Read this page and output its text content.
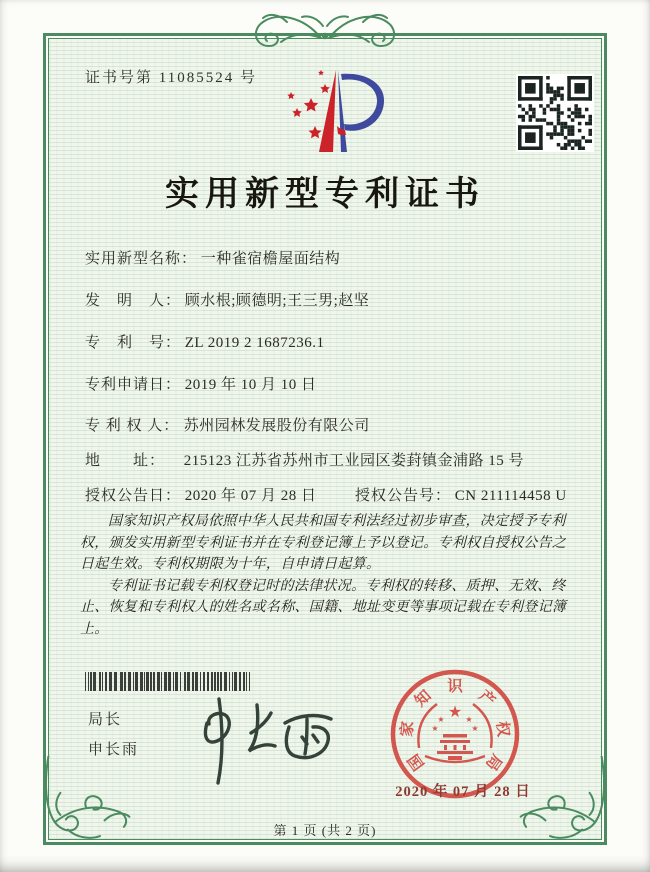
证书号第 11085524 号
实用新型专利证书
实用新型名称： 一种雀宿檐屋面结构
发　明　人： 顾水根;顾德明;王三男;赵坚
专　利　号： ZL 2019 2 1687236.1
专利申请日： 2019 年 10 月 10 日
专 利 权 人： 苏州园林发展股份有限公司
地　　址： 215123 江苏省苏州市工业园区娄葑镇金浦路 15 号
授权公告日： 2020 年 07 月 28 日	授权公告号： CN 211114458 U

国家知识产权局依照中华人民共和国专利法经过初步审查，决定授予专利权，颁发实用新型专利证书并在专利登记簿上予以登记。专利权自授权公告之日起生效。专利权期限为十年，自申请日起算。

专利证书记载专利权登记时的法律状况。专利权的转移、质押、无效、终止、恢复和专利权人的姓名或名称、国籍、地址变更等事项记载在专利登记簿上。

局长
申长雨
★
★	★
★	★
国
家
知
识
产
权
局
2020 年 07 月 28 日
第 1 页 (共 2 页)
